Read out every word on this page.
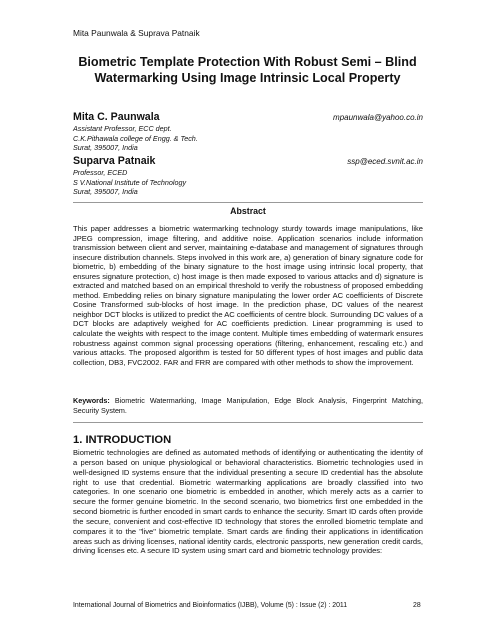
Mita Paunwala & Suprava Patnaik
Biometric Template Protection With Robust Semi – Blind Watermarking Using Image Intrinsic Local Property
Mita C. Paunwala	mpaunwala@yahoo.co.in
Assistant Professor, ECC dept.
C.K.Pithawala college of Engg. & Tech.
Surat, 395007, India
Suparva Patnaik	ssp@eced.svnit.ac.in
Professor, ECED
S V.National Institute of Technology
Surat, 395007, India
Abstract
This paper addresses a biometric watermarking technology sturdy towards image manipulations, like JPEG compression, image filtering, and additive noise. Application scenarios include information transmission between client and server, maintaining e-database and management of signatures through insecure distribution channels. Steps involved in this work are, a) generation of binary signature code for biometric, b) embedding of the binary signature to the host image using intrinsic local property, that ensures signature protection, c) host image is then made exposed to various attacks and d) signature is extracted and matched based on an empirical threshold to verify the robustness of proposed embedding method. Embedding relies on binary signature manipulating the lower order AC coefficients of Discrete Cosine Transformed sub-blocks of host image. In the prediction phase, DC values of the nearest neighbor DCT blocks is utilized to predict the AC coefficients of centre block. Surrounding DC values of a DCT blocks are adaptively weighed for AC coefficients prediction. Linear programming is used to calculate the weights with respect to the image content. Multiple times embedding of watermark ensures robustness against common signal processing operations (filtering, enhancement, rescaling etc.) and various attacks. The proposed algorithm is tested for 50 different types of host images and public data collection, DB3, FVC2002. FAR and FRR are compared with other methods to show the improvement.
Keywords: Biometric Watermarking, Image Manipulation, Edge Block Analysis, Fingerprint Matching, Security System.
1. INTRODUCTION
Biometric technologies are defined as automated methods of identifying or authenticating the identity of a person based on unique physiological or behavioral characteristics. Biometric technologies used in well-designed ID systems ensure that the individual presenting a secure ID credential has the absolute right to use that credential. Biometric watermarking applications are broadly classified into two categories. In one scenario one biometric is embedded in another, which merely acts as a carrier to secure the former genuine biometric. In the second scenario, two biometrics first one embedded in the second biometric is further encoded in smart cards to enhance the security. Smart ID cards often provide the secure, convenient and cost-effective ID technology that stores the enrolled biometric template and compares it to the "live" biometric template. Smart cards are finding their applications in identification areas such as driving licenses, national identity cards, electronic passports, new generation credit cards, driving licenses etc. A secure ID system using smart card and biometric technology provides:
International Journal of Biometrics and Bioinformatics (IJBB), Volume (5) : Issue (2) : 2011	28
